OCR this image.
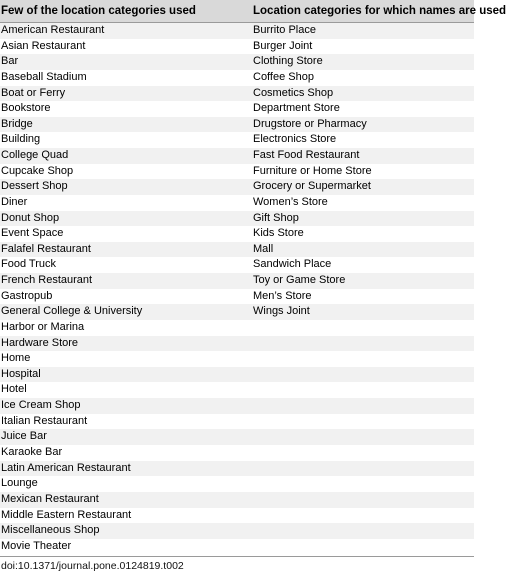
Few of the location categories used	Location categories for which names are used
American Restaurant	Burrito Place
Asian Restaurant	Burger Joint
Bar	Clothing Store
Baseball Stadium	Coffee Shop
Boat or Ferry	Cosmetics Shop
Bookstore	Department Store
Bridge	Drugstore or Pharmacy
Building	Electronics Store
College Quad	Fast Food Restaurant
Cupcake Shop	Furniture or Home Store
Dessert Shop	Grocery or Supermarket
Diner	Women’s Store
Donut Shop	Gift Shop
Event Space	Kids Store
Falafel Restaurant	Mall
Food Truck	Sandwich Place
French Restaurant	Toy or Game Store
Gastropub	Men’s Store
General College & University	Wings Joint
Harbor or Marina
Hardware Store
Home
Hospital
Hotel
Ice Cream Shop
Italian Restaurant
Juice Bar
Karaoke Bar
Latin American Restaurant
Lounge
Mexican Restaurant
Middle Eastern Restaurant
Miscellaneous Shop
Movie Theater
doi:10.1371/journal.pone.0124819.t002
